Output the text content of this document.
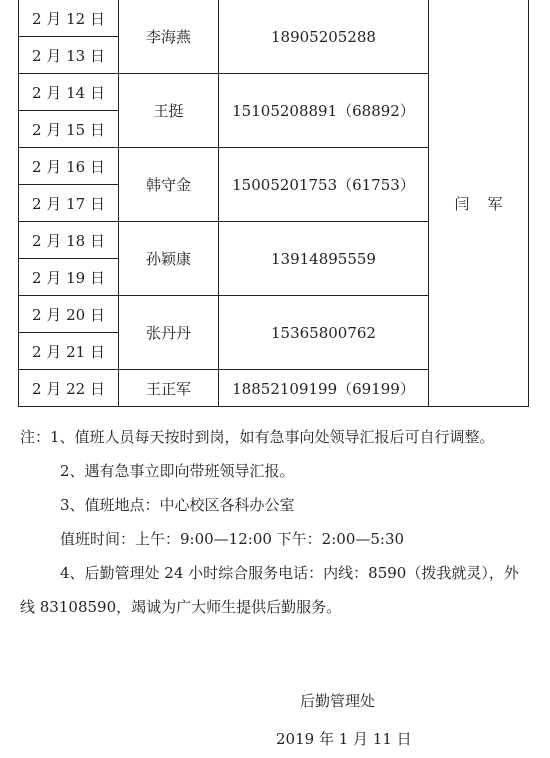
2 月 12 日	李海燕	18905205288	闫军
2 月 13 日			
2 月 14 日	王挺	15105208891（68892）	
2 月 15 日			
2 月 16 日	韩守金	15005201753（61753）	
2 月 17 日			
2 月 18 日	孙颖康	13914895559	
2 月 19 日			
2 月 20 日	张丹丹	15365800762	
2 月 21 日			
2 月 22 日	王正军	18852109199（69199）	

注：1、值班人员每天按时到岗，如有急事向处领导汇报后可自行调整。

2、遇有急事立即向带班领导汇报。

3、值班地点：中心校区各科办公室

值班时间：上午：9:00—12:00 下午：2:00—5:30

4、后勤管理处 24 小时综合服务电话：内线：8590（拨我就灵），外线 83108590，竭诚为广大师生提供后勤服务。

后勤管理处
2019 年 1 月 11 日
